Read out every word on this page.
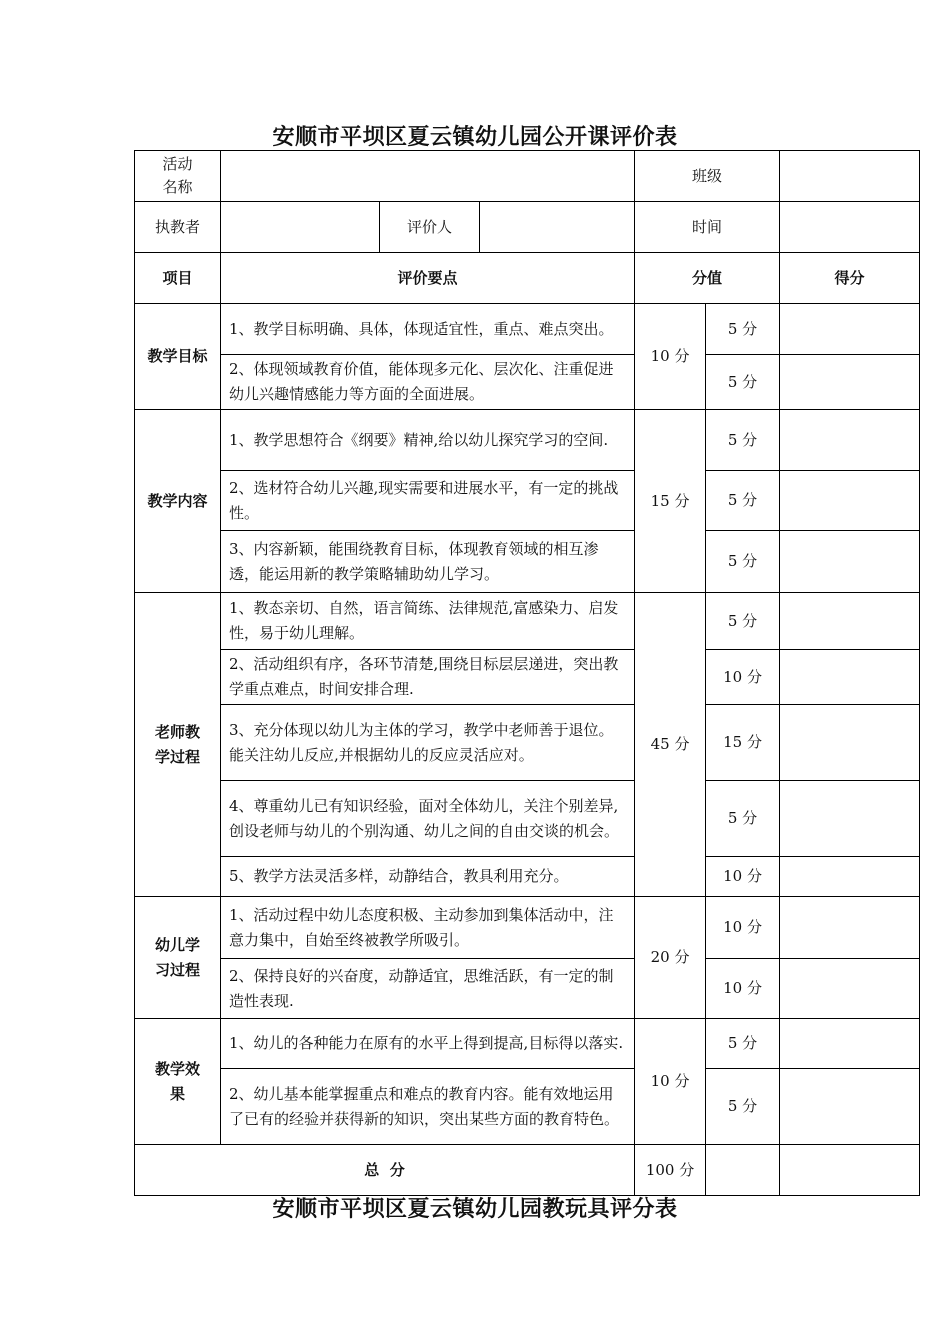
安顺市平坝区夏云镇幼儿园公开课评价表
活动
名称				班级		
执教者		评价人		时间		
项目	评价要点			分值		得分
教学目标	1、教学目标明确、具体，体现适宜性，重点、难点突出。			10 分	5 分	
	2、体现领域教育价值，能体现多元化、层次化、注重促进幼儿兴趣情感能力等方面的全面进展。				5 分	
教学内容	1、教学思想符合《纲要》精神,给以幼儿探究学习的空间.			15 分	5 分	
	2、选材符合幼儿兴趣,现实需要和进展水平，有一定的挑战性。				5 分	
	3、内容新颖，能围绕教育目标，体现教育领域的相互渗透，能运用新的教学策略辅助幼儿学习。				5 分	
老师教学过程	1、教态亲切、自然，语言简练、法律规范,富感染力、启发性，易于幼儿理解。			45 分	5 分	
	2、活动组织有序，各环节清楚,围绕目标层层递进，突出教学重点难点，时间安排合理.				10 分	
	3、充分体现以幼儿为主体的学习，教学中老师善于退位。能关注幼儿反应,并根据幼儿的反应灵活应对。				15 分	
	4、尊重幼儿已有知识经验，面对全体幼儿，关注个别差异,创设老师与幼儿的个别沟通、幼儿之间的自由交谈的机会。				5 分	
	5、教学方法灵活多样，动静结合，教具利用充分。				10 分	
幼儿学习过程	1、活动过程中幼儿态度积极、主动参加到集体活动中，注意力集中，自始至终被教学所吸引。			20 分	10 分	
	2、保持良好的兴奋度，动静适宜，思维活跃，有一定的制造性表现.				10 分	
教学效果	1、幼儿的各种能力在原有的水平上得到提高,目标得以落实.			10 分	5 分	
	2、幼儿基本能掌握重点和难点的教育内容。能有效地运用了已有的经验并获得新的知识，突出某些方面的教育特色。				5 分	
总  分				100 分		
安顺市平坝区夏云镇幼儿园教玩具评分表
